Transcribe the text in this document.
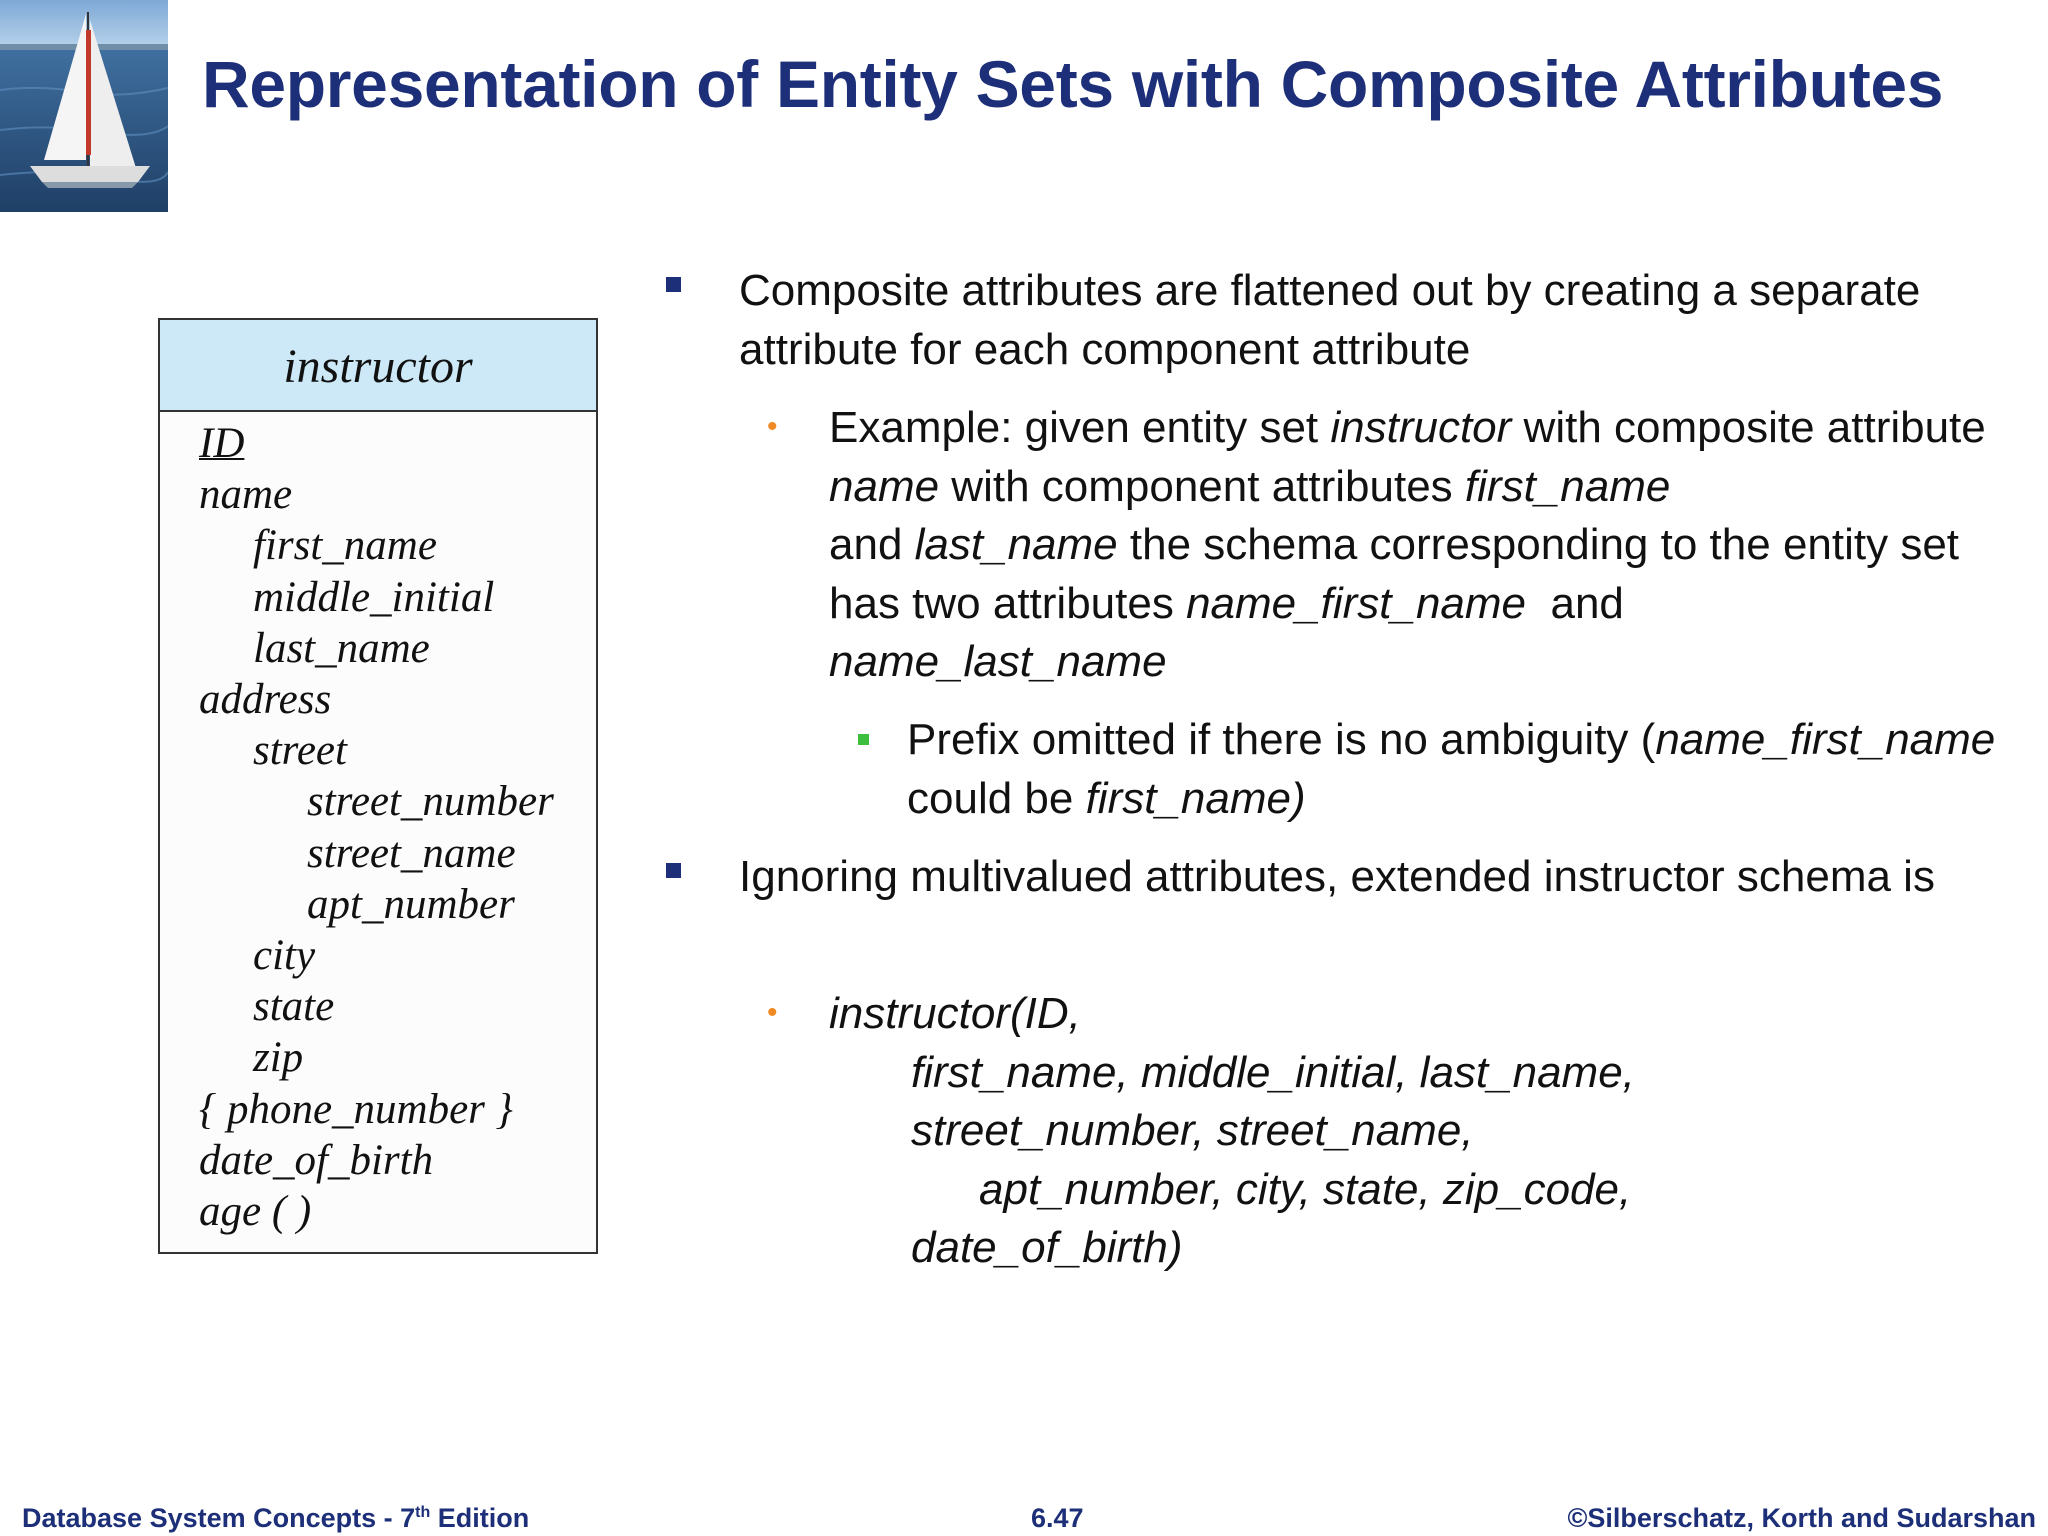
Representation of Entity Sets with Composite Attributes
instructor
ID
name
first_name
middle_initial
last_name
address
street
street_number
street_name
apt_number
city
state
zip
{ phone_number }
date_of_birth
age ( )
Composite attributes are flattened out by creating a separate attribute for each component attribute
• Example: given entity set instructor with composite attribute name with component attributes first_name
and last_name the schema corresponding to the entity set has two attributes name_first_name  and
name_last_name
Prefix omitted if there is no ambiguity (name_first_name could be first_name)
Ignoring multivalued attributes, extended instructor schema is
• instructor(ID,
first_name, middle_initial, last_name,
street_number, street_name,
apt_number, city, state, zip_code,
date_of_birth)
Database System Concepts - 7th Edition	6.47	©Silberschatz, Korth and Sudarshan
